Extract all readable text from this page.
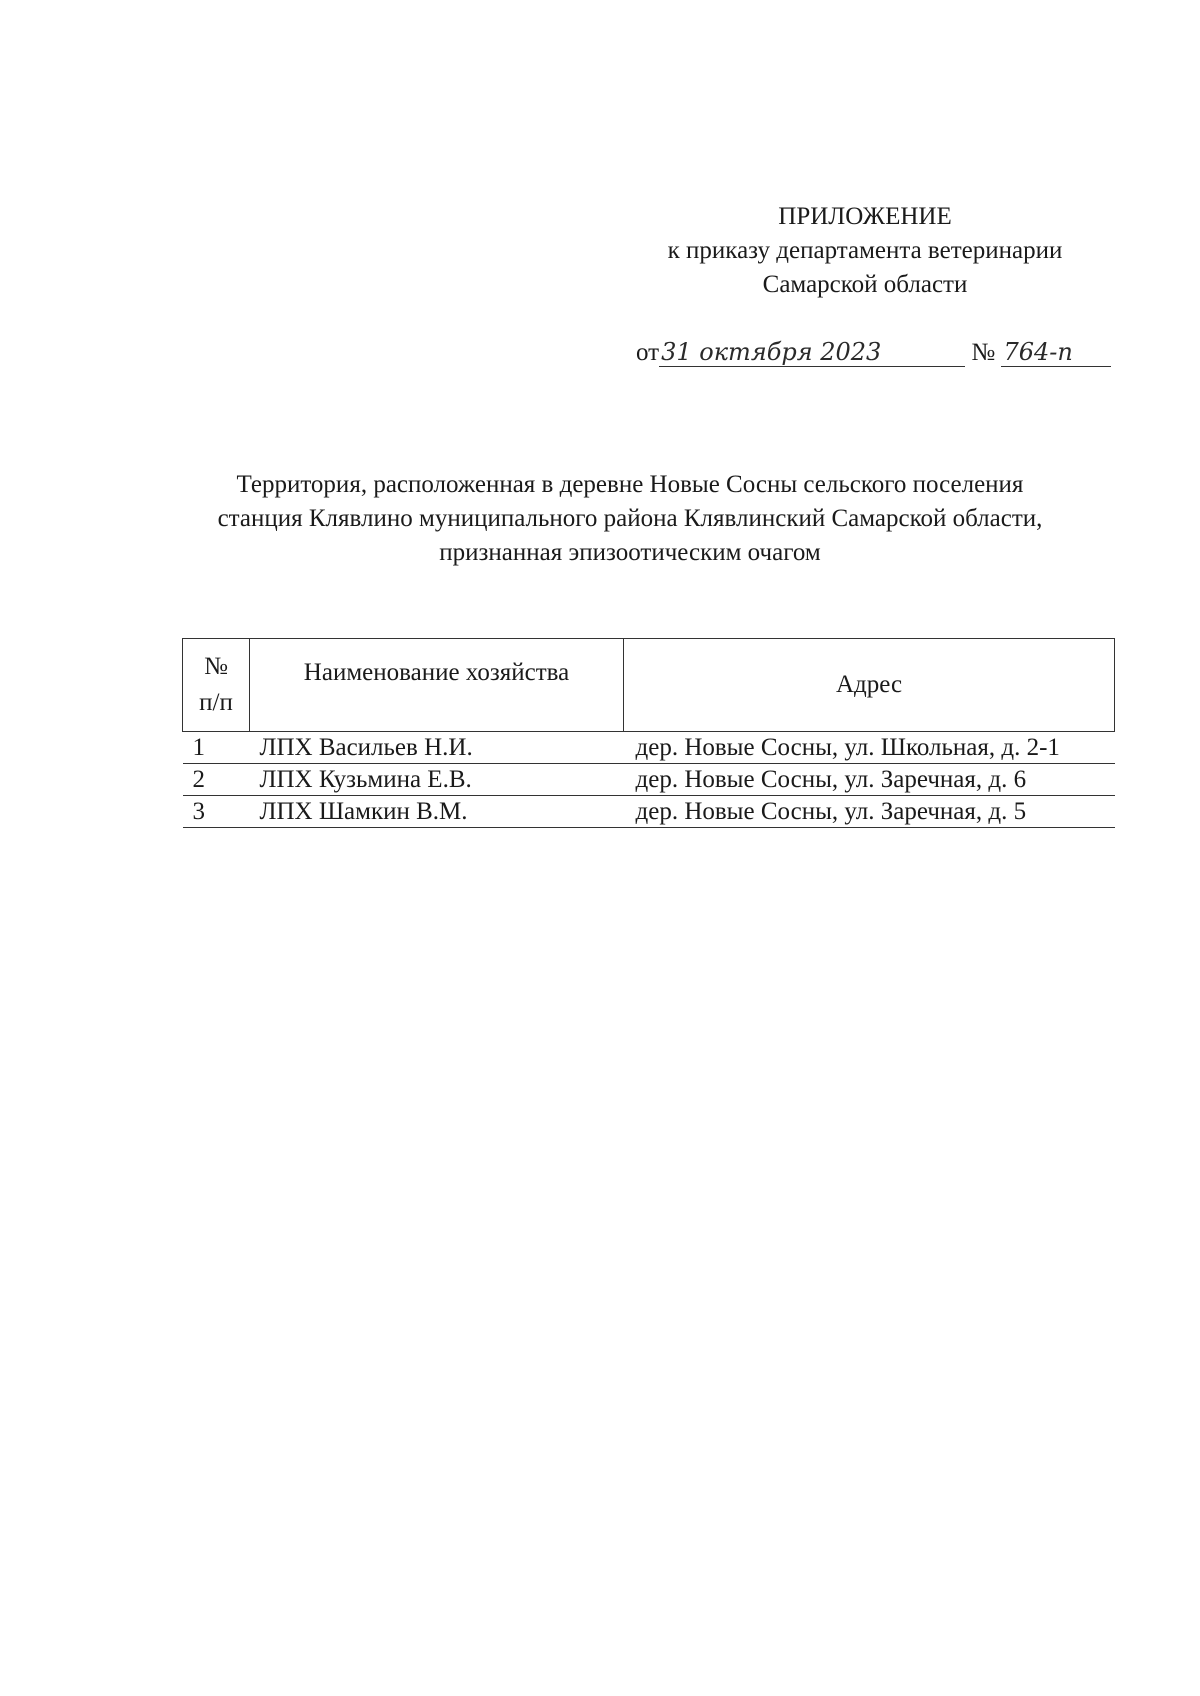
ПРИЛОЖЕНИЕ
к приказу департамента ветеринарии
Самарской области
от31 октября 2023	№ 764-п
Территория, расположенная в деревне Новые Сосны сельского поселения
станция Клявлино муниципального района Клявлинский Самарской области,
признанная эпизоотическим очагом
№
п/п	Наименование хозяйства	Адрес
1	ЛПХ Васильев Н.И.	дер. Новые Сосны, ул. Школьная, д. 2-1
2	ЛПХ Кузьмина Е.В.	дер. Новые Сосны, ул. Заречная, д. 6
3	ЛПХ Шамкин В.М.	дер. Новые Сосны, ул. Заречная, д. 5
